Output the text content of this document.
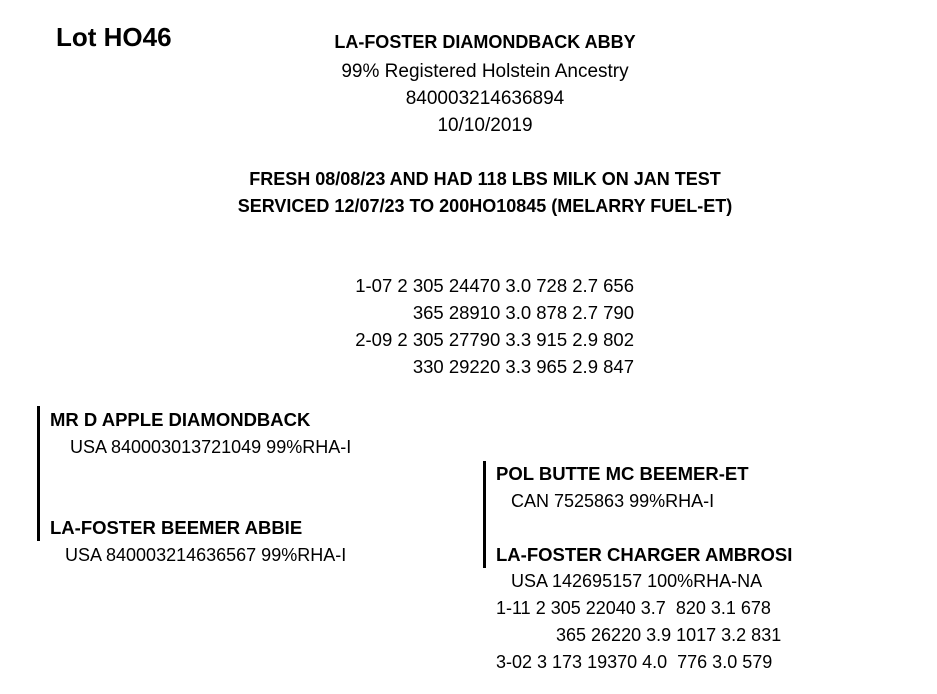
Lot HO46	LA-FOSTER DIAMONDBACK ABBY
99% Registered Holstein Ancestry
840003214636894
10/10/2019
FRESH 08/08/23 AND HAD 118 LBS MILK ON JAN TEST
SERVICED 12/07/23 TO 200HO10845 (MELARRY FUEL-ET)
1-07 2 305 24470 3.0 728 2.7 656
365 28910 3.0 878 2.7 790
2-09 2 305 27790 3.3 915 2.9 802
330 29220 3.3 965 2.9 847
MR D APPLE DIAMONDBACK
USA 840003013721049 99%RHA-I
LA-FOSTER BEEMER ABBIE
USA 840003214636567 99%RHA-I
POL BUTTE MC BEEMER-ET
CAN 7525863 99%RHA-I
LA-FOSTER CHARGER AMBROSI
USA 142695157 100%RHA-NA
1-11 2 305 22040 3.7  820 3.1 678
365 26220 3.9 1017 3.2 831
3-02 3 173 19370 4.0  776 3.0 579
